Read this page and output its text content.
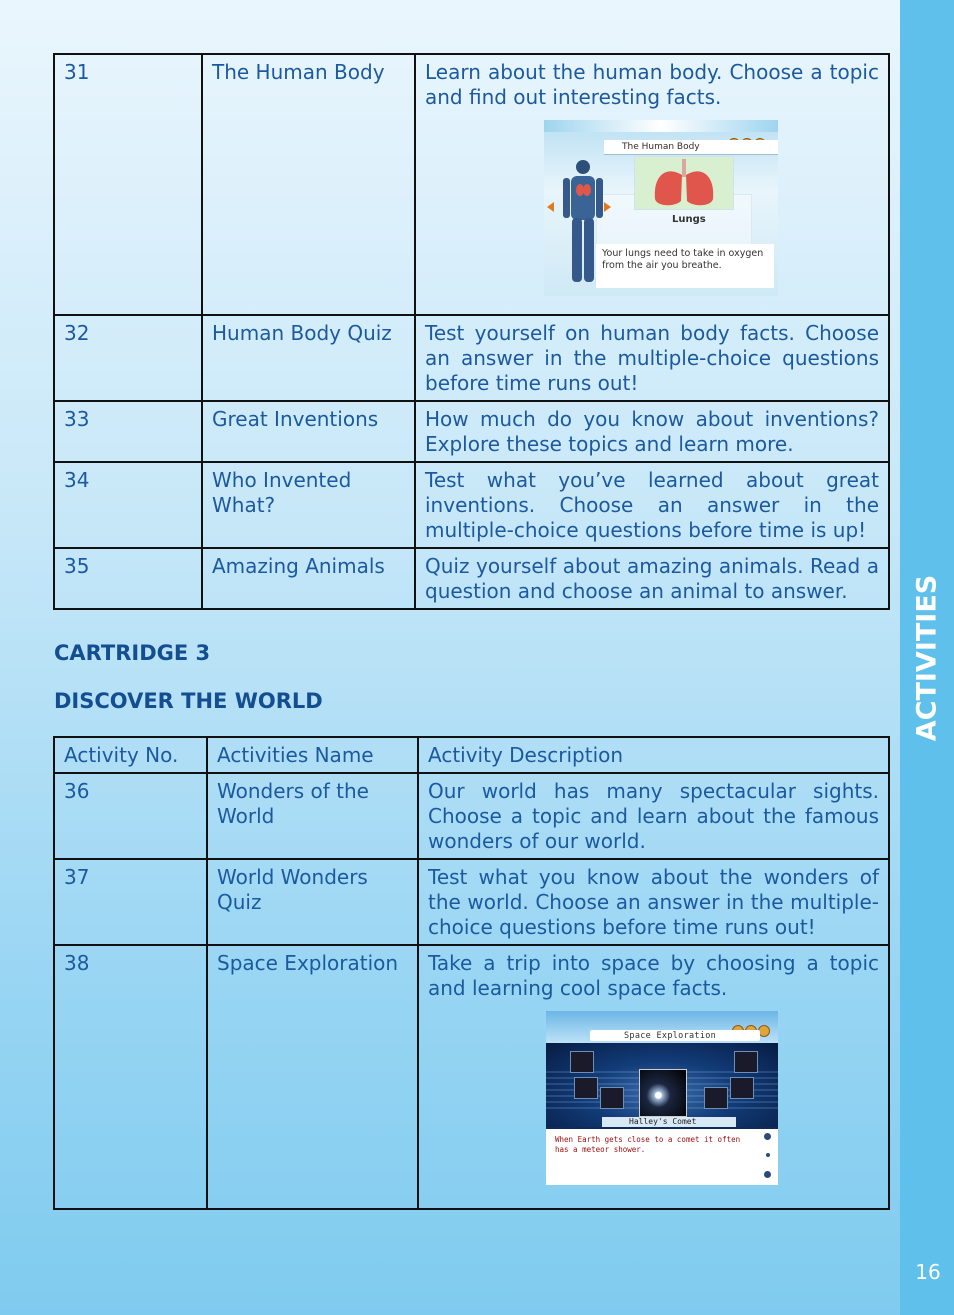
ACTIVITIES
16
31	The Human Body	Learn about the human body. Choose a topic and find out interesting facts.
The Human Body
Lungs
Your lungs need to take in oxygen
from the air you breathe.

32	Human Body Quiz	Test yourself on human body facts. Choose an answer in the multiple-choice questions before time runs out!
33	Great Inventions	How much do you know about inventions? Explore these topics and learn more.
34	Who Invented What?	Test what you’ve learned about great inventions. Choose an answer in the multiple-choice questions before time is up!
35	Amazing Animals	Quiz yourself about amazing animals. Read a question and choose an animal to answer.
CARTRIDGE 3
DISCOVER THE WORLD
Activity No.	Activities Name	Activity Description
36	Wonders of the World	Our world has many spectacular sights. Choose a topic and learn about the famous wonders of our world.
37	World Wonders Quiz	Test what you know about the wonders of the world. Choose an answer in the multiple-choice questions before time runs out!
38	Space Exploration	Take a trip into space by choosing a topic and learning cool space facts.
Space Exploration
Halley's Comet
When Earth gets close to a comet it often
has a meteor shower.
